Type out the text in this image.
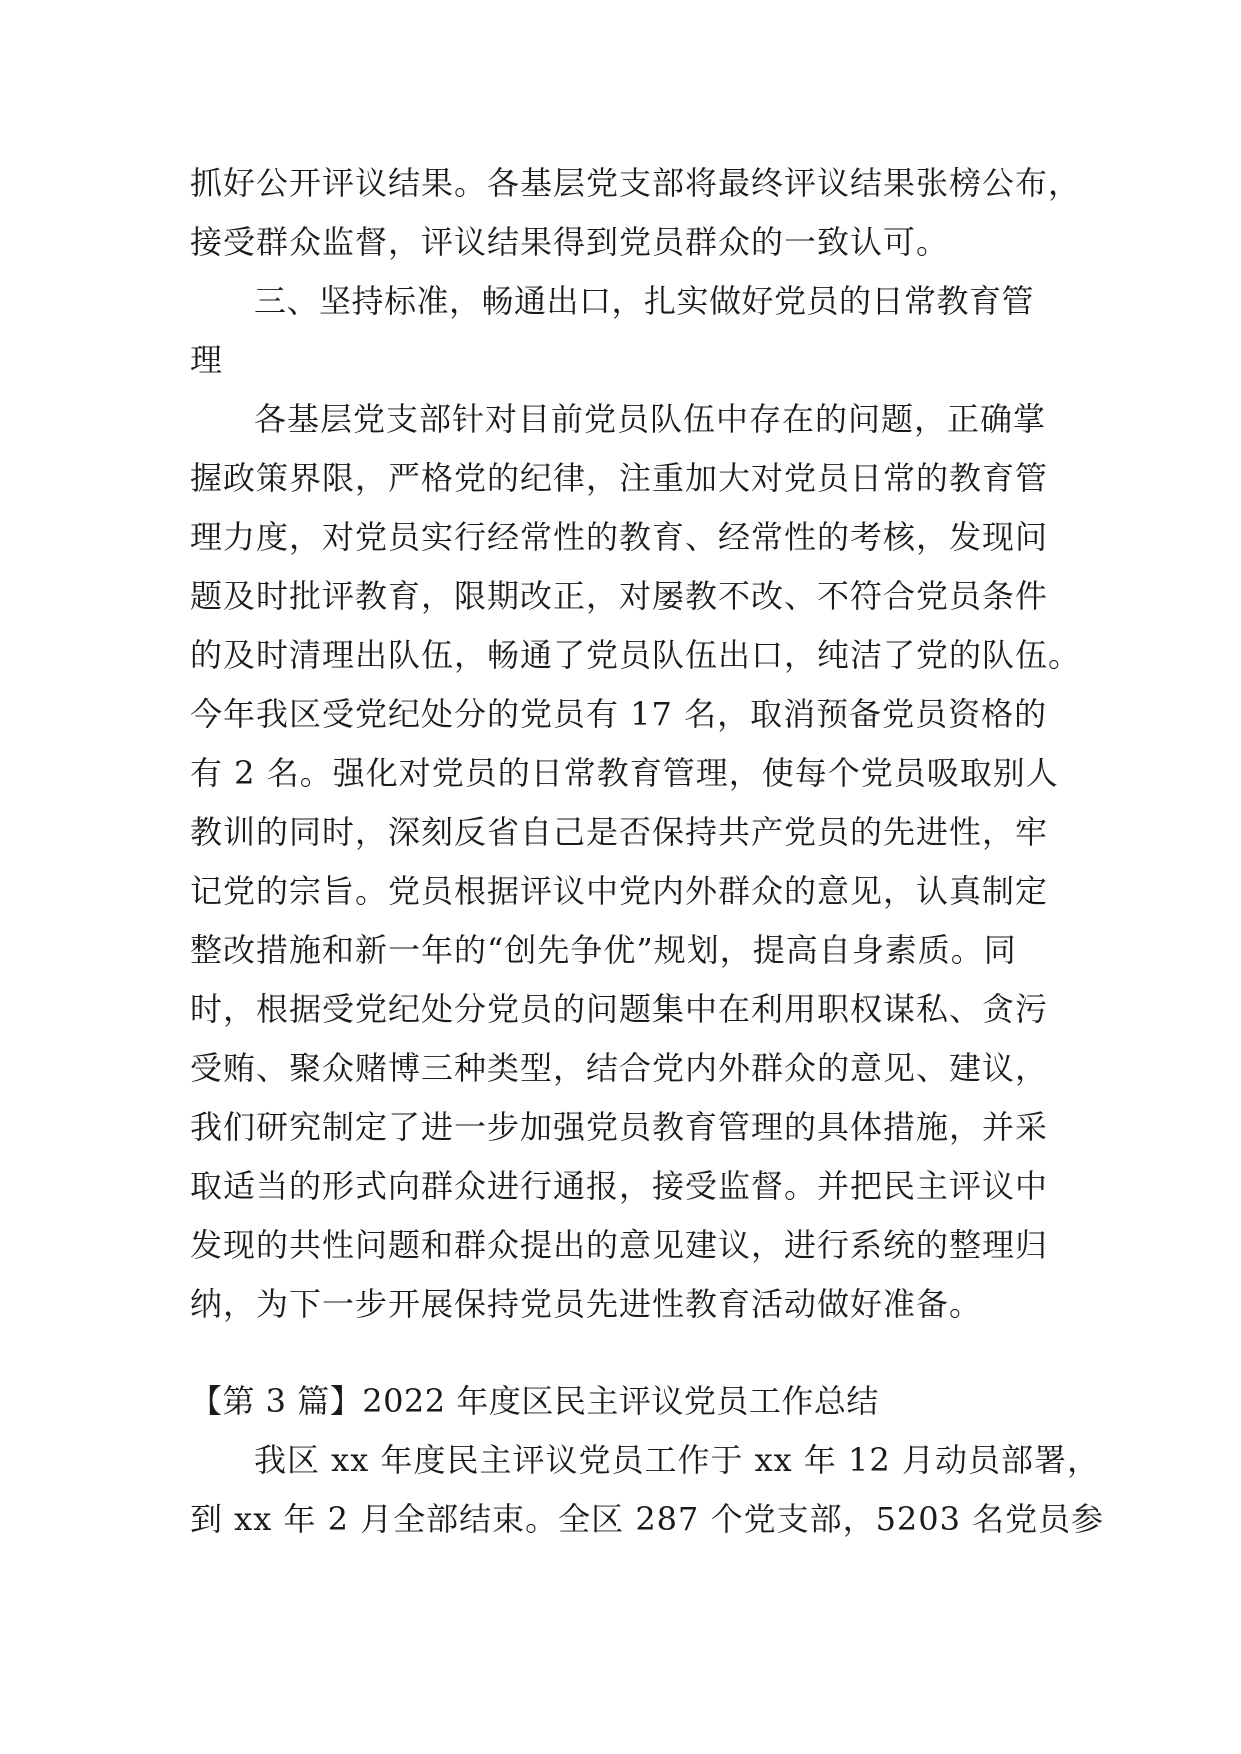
抓好公开评议结果。各基层党支部将最终评议结果张榜公布，
接受群众监督，评议结果得到党员群众的一致认可。
三、坚持标准，畅通出口，扎实做好党员的日常教育管
理
各基层党支部针对目前党员队伍中存在的问题，正确掌
握政策界限，严格党的纪律，注重加大对党员日常的教育管
理力度，对党员实行经常性的教育、经常性的考核，发现问
题及时批评教育，限期改正，对屡教不改、不符合党员条件
的及时清理出队伍，畅通了党员队伍出口，纯洁了党的队伍。
今年我区受党纪处分的党员有 17 名，取消预备党员资格的
有 2 名。强化对党员的日常教育管理，使每个党员吸取别人
教训的同时，深刻反省自己是否保持共产党员的先进性，牢
记党的宗旨。党员根据评议中党内外群众的意见，认真制定
整改措施和新一年的“创先争优”规划，提高自身素质。同
时，根据受党纪处分党员的问题集中在利用职权谋私、贪污
受贿、聚众赌博三种类型，结合党内外群众的意见、建议，
我们研究制定了进一步加强党员教育管理的具体措施，并采
取适当的形式向群众进行通报，接受监督。并把民主评议中
发现的共性问题和群众提出的意见建议，进行系统的整理归
纳，为下一步开展保持党员先进性教育活动做好准备。
【第 3 篇】2022 年度区民主评议党员工作总结
我区 xx 年度民主评议党员工作于 xx 年 12 月动员部署，
到 xx 年 2 月全部结束。全区 287 个党支部，5203 名党员参
